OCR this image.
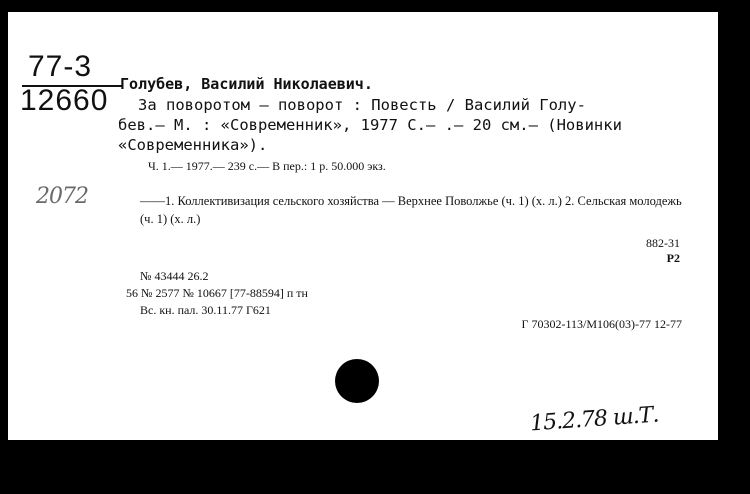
77-3
12660 Голубев, Василий Николаевич.
За поворотом — поворот : Повесть / Василий Голу-
бев.— М. : «Современник», 1977 С.— .— 20 см.— (Новинки
«Современника»).
Ч. 1.— 1977.— 239 с.— В пер.: 1 р. 50.000 экз.
2072	——1. Коллективизация сельского хозяйства — Верхнее Поволжье (ч. 1) (х. л.) 2. Сельская молодежь (ч. 1) (х. л.)
882-31
Р2
№ 43444 26.2
56 № 2577 № 10667 [77-88594] п тн
Вс. кн. пал. 30.11.77 Г621
Г 70302-113/М106(03)-77 12-77
15.2.78 ш.Т.
